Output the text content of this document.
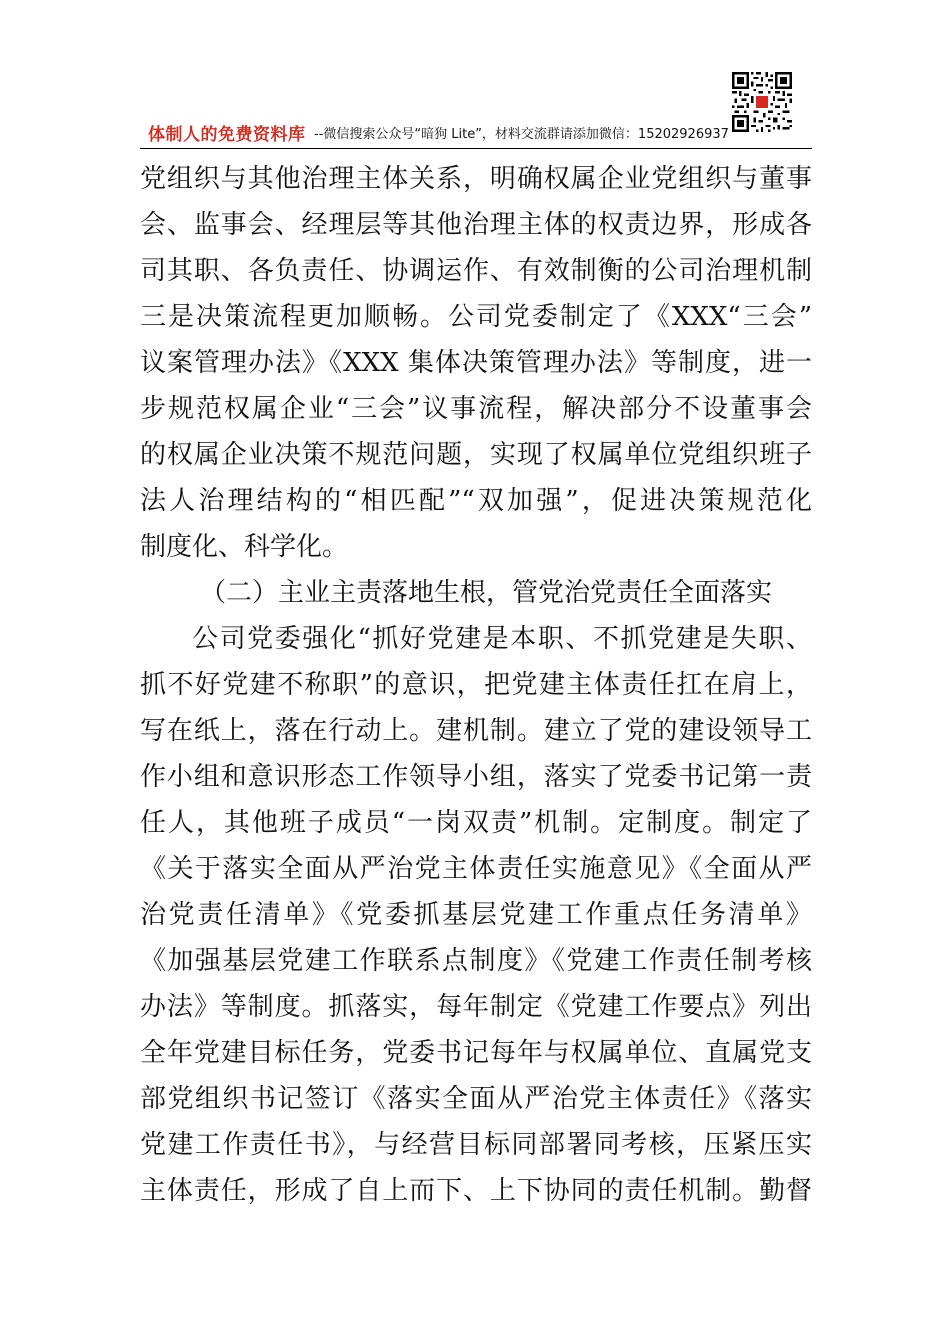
体制人的免费资料库 --微信搜索公众号“暗狗 Lite”，材料交流群请添加微信：15202926937
党组织与其他治理主体关系，明确权属企业党组织与董事
会、监事会、经理层等其他治理主体的权责边界，形成各
司其职、各负责任、协调运作、有效制衡的公司治理机制
三是决策流程更加顺畅。公司党委制定了《XXX“三会”
议案管理办法》《XXX 集体决策管理办法》等制度，进一
步规范权属企业“三会”议事流程，解决部分不设董事会
的权属企业决策不规范问题，实现了权属单位党组织班子
法人治理结构的“相匹配”“双加强”，促进决策规范化
制度化、科学化。
（二）主业主责落地生根，管党治党责任全面落实
公司党委强化“抓好党建是本职、不抓党建是失职、
抓不好党建不称职”的意识，把党建主体责任扛在肩上，
写在纸上，落在行动上。建机制。建立了党的建设领导工
作小组和意识形态工作领导小组，落实了党委书记第一责
任人，其他班子成员“一岗双责”机制。定制度。制定了
《关于落实全面从严治党主体责任实施意见》《全面从严
治党责任清单》《党委抓基层党建工作重点任务清单》
《加强基层党建工作联系点制度》《党建工作责任制考核
办法》等制度。抓落实，每年制定《党建工作要点》列出
全年党建目标任务，党委书记每年与权属单位、直属党支
部党组织书记签订《落实全面从严治党主体责任》《落实
党建工作责任书》，与经营目标同部署同考核，压紧压实
主体责任，形成了自上而下、上下协同的责任机制。勤督
